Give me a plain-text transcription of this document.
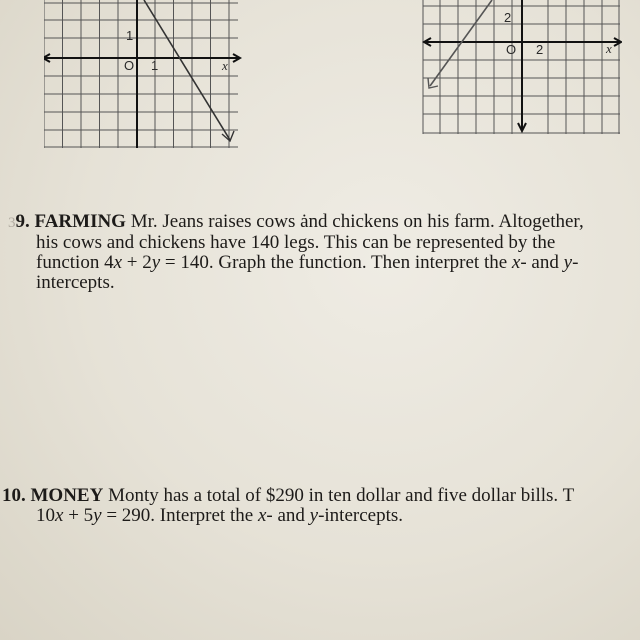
x
O 1
1
x
O 2
2
39. FARMING Mr. Jeans raises cows ȧnd chickens on his farm. Altogether,
his cows and chickens have 140 legs. This can be represented by the
function 4x + 2y = 140. Graph the function. Then interpret the x- and y-
intercepts.
10. MONEY Monty has a total of $290 in ten dollar and five dollar bills. T
10x + 5y = 290. Interpret the x- and y-intercepts.
